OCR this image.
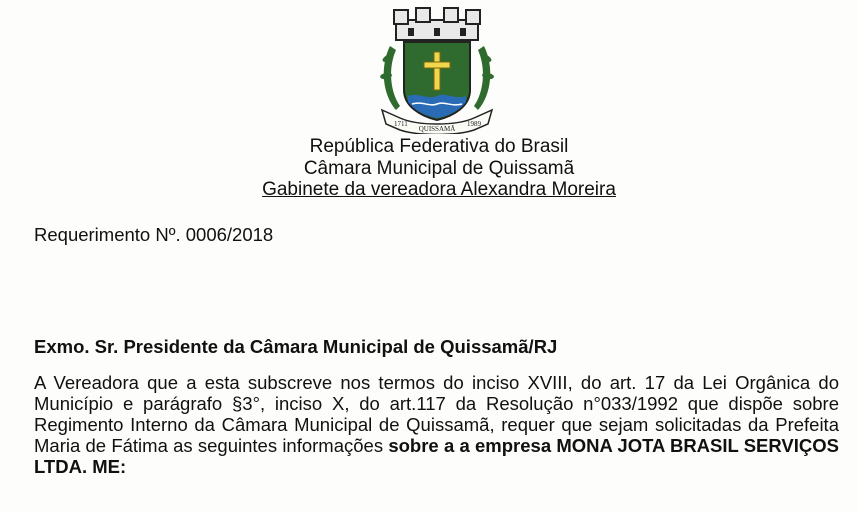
1711
QUISSAMÃ
1989
República Federativa do Brasil
Câmara Municipal de Quissamã
Gabinete da vereadora Alexandra Moreira
Requerimento Nº. 0006/2018
Exmo. Sr. Presidente da Câmara Municipal de Quissamã/RJ
A Vereadora que a esta subscreve nos termos do inciso XVIII, do art. 17 da Lei Orgânica do Município e parágrafo §3°, inciso X, do art.117 da Resolução n°033/1992 que dispõe sobre Regimento Interno da Câmara Municipal de Quissamã, requer que sejam solicitadas da Prefeita Maria de Fátima as seguintes informações sobre a a empresa MONA JOTA BRASIL SERVIÇOS LTDA. ME:
